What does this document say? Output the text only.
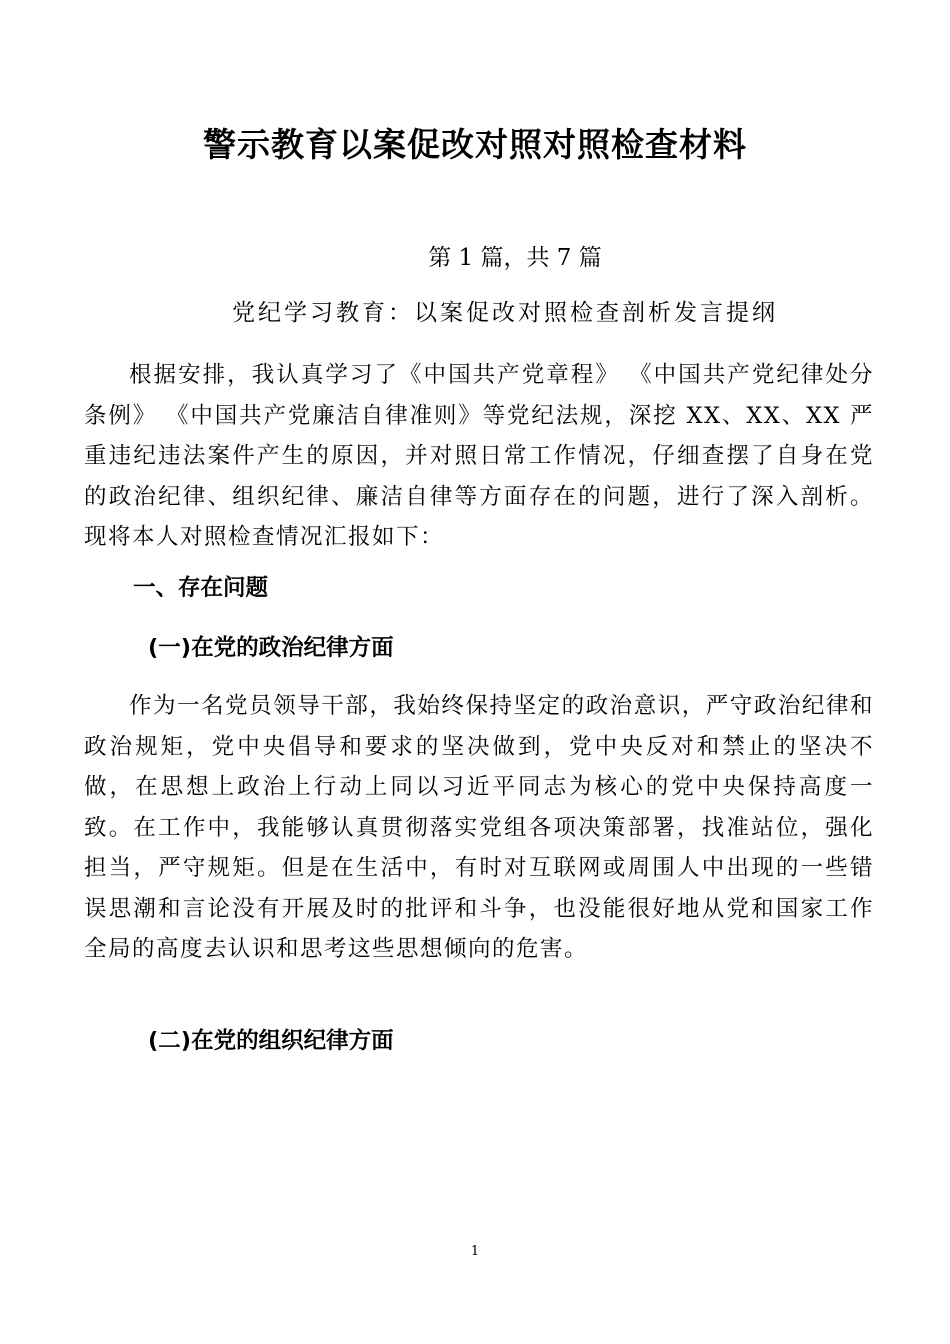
警示教育以案促改对照对照检查材料
第 1 篇，共 7 篇
党纪学习教育：以案促改对照检查剖析发言提纲

根据安排，我认真学习了《中国共产党章程》 《中国共产党纪律处分条例》 《中国共产党廉洁自律准则》等党纪法规，深挖 XX、XX、XX 严重违纪违法案件产生的原因，并对照日常工作情况，仔细查摆了自身在党的政治纪律、组织纪律、廉洁自律等方面存在的问题，进行了深入剖析。现将本人对照检查情况汇报如下：

一、存在问题
(一)在党的政治纪律方面

作为一名党员领导干部，我始终保持坚定的政治意识，严守政治纪律和政治规矩，党中央倡导和要求的坚决做到，党中央反对和禁止的坚决不做，在思想上政治上行动上同以习近平同志为核心的党中央保持高度一致。在工作中，我能够认真贯彻落实党组各项决策部署，找准站位，强化担当，严守规矩。但是在生活中，有时对互联网或周围人中出现的一些错误思潮和言论没有开展及时的批评和斗争，也没能很好地从党和国家工作全局的高度去认识和思考这些思想倾向的危害。

(二)在党的组织纪律方面
1
